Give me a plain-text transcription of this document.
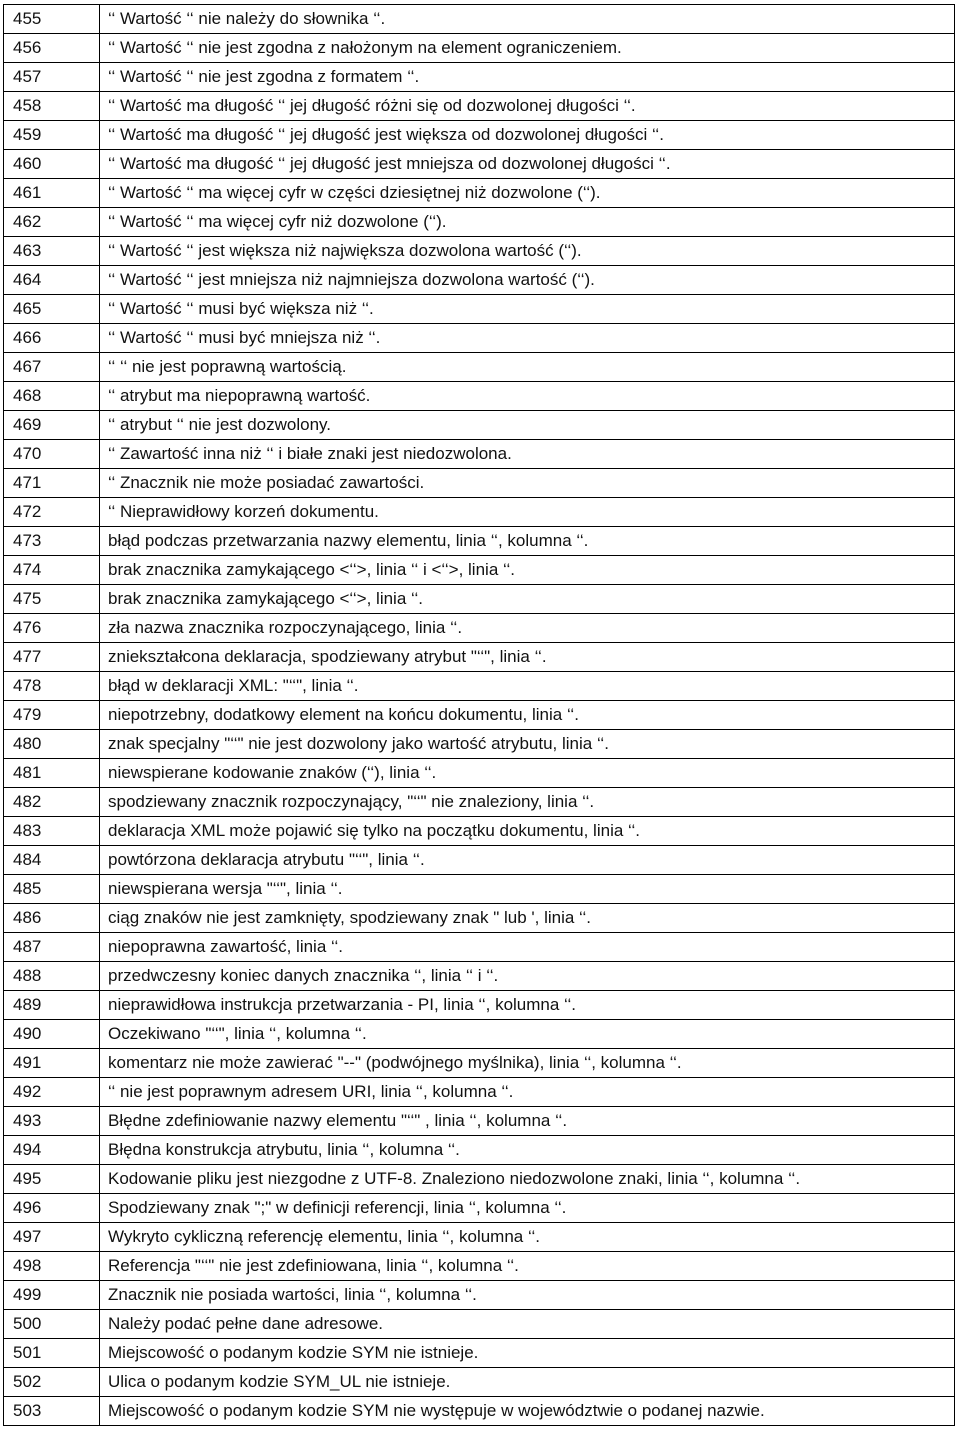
455	‘‘ Wartość ‘‘ nie należy do słownika ‘‘.
456	‘‘ Wartość ‘‘ nie jest zgodna z nałożonym na element ograniczeniem.
457	‘‘ Wartość ‘‘ nie jest zgodna z formatem ‘‘.
458	‘‘ Wartość ma długość ‘‘ jej długość różni się od dozwolonej długości ‘‘.
459	‘‘ Wartość ma długość ‘‘ jej długość jest większa od dozwolonej długości ‘‘.
460	‘‘ Wartość ma długość ‘‘ jej długość jest mniejsza od dozwolonej długości ‘‘.
461	‘‘ Wartość ‘‘ ma więcej cyfr w części dziesiętnej niż dozwolone (‘‘).
462	‘‘ Wartość ‘‘ ma więcej cyfr niż dozwolone (‘‘).
463	‘‘ Wartość ‘‘ jest większa niż największa dozwolona wartość (‘‘).
464	‘‘ Wartość ‘‘ jest mniejsza niż najmniejsza dozwolona wartość (‘‘).
465	‘‘ Wartość ‘‘ musi być większa niż ‘‘.
466	‘‘ Wartość ‘‘ musi być mniejsza niż ‘‘.
467	‘‘ ‘‘ nie jest poprawną wartością.
468	‘‘ atrybut ma niepoprawną wartość.
469	‘‘ atrybut ‘‘ nie jest dozwolony.
470	‘‘ Zawartość inna niż ‘‘ i białe znaki jest niedozwolona.
471	‘‘ Znacznik nie może posiadać zawartości.
472	‘‘ Nieprawidłowy korzeń dokumentu.
473	błąd podczas przetwarzania nazwy elementu, linia ‘‘, kolumna ‘‘.
474	brak znacznika zamykającego <‘‘>, linia ‘‘ i <‘‘>, linia ‘‘.
475	brak znacznika zamykającego <‘‘>, linia ‘‘.
476	zła nazwa znacznika rozpoczynającego, linia ‘‘.
477	zniekształcona deklaracja, spodziewany atrybut "‘‘", linia ‘‘.
478	błąd w deklaracji XML: "‘‘", linia ‘‘.
479	niepotrzebny, dodatkowy element na końcu dokumentu, linia ‘‘.
480	znak specjalny "‘‘" nie jest dozwolony jako wartość atrybutu, linia ‘‘.
481	niewspierane kodowanie znaków (‘‘), linia ‘‘.
482	spodziewany znacznik rozpoczynający, "‘‘" nie znaleziony, linia ‘‘.
483	deklaracja XML może pojawić się tylko na początku dokumentu, linia ‘‘.
484	powtórzona deklaracja atrybutu "‘‘", linia ‘‘.
485	niewspierana wersja "‘‘", linia ‘‘.
486	ciąg znaków nie jest zamknięty, spodziewany znak " lub ', linia ‘‘.
487	niepoprawna zawartość, linia ‘‘.
488	przedwczesny koniec danych znacznika ‘‘, linia ‘‘ i ‘‘.
489	nieprawidłowa instrukcja przetwarzania - PI, linia ‘‘, kolumna ‘‘.
490	Oczekiwano "‘‘", linia ‘‘, kolumna ‘‘.
491	komentarz nie może zawierać "--" (podwójnego myślnika), linia ‘‘, kolumna ‘‘.
492	‘‘ nie jest poprawnym adresem URI, linia ‘‘, kolumna ‘‘.
493	Błędne zdefiniowanie nazwy elementu "‘‘" , linia ‘‘, kolumna ‘‘.
494	Błędna konstrukcja atrybutu, linia ‘‘, kolumna ‘‘.
495	Kodowanie pliku jest niezgodne z UTF-8. Znaleziono niedozwolone znaki, linia ‘‘, kolumna ‘‘.
496	Spodziewany znak ";" w definicji referencji, linia ‘‘, kolumna ‘‘.
497	Wykryto cykliczną referencję elementu, linia ‘‘, kolumna ‘‘.
498	Referencja "‘‘" nie jest zdefiniowana, linia ‘‘, kolumna ‘‘.
499	Znacznik nie posiada wartości, linia ‘‘, kolumna ‘‘.
500	Należy podać pełne dane adresowe.
501	Miejscowość o podanym kodzie SYM nie istnieje.
502	Ulica o podanym kodzie SYM_UL nie istnieje.
503	Miejscowość o podanym kodzie SYM nie występuje w województwie o podanej nazwie.
